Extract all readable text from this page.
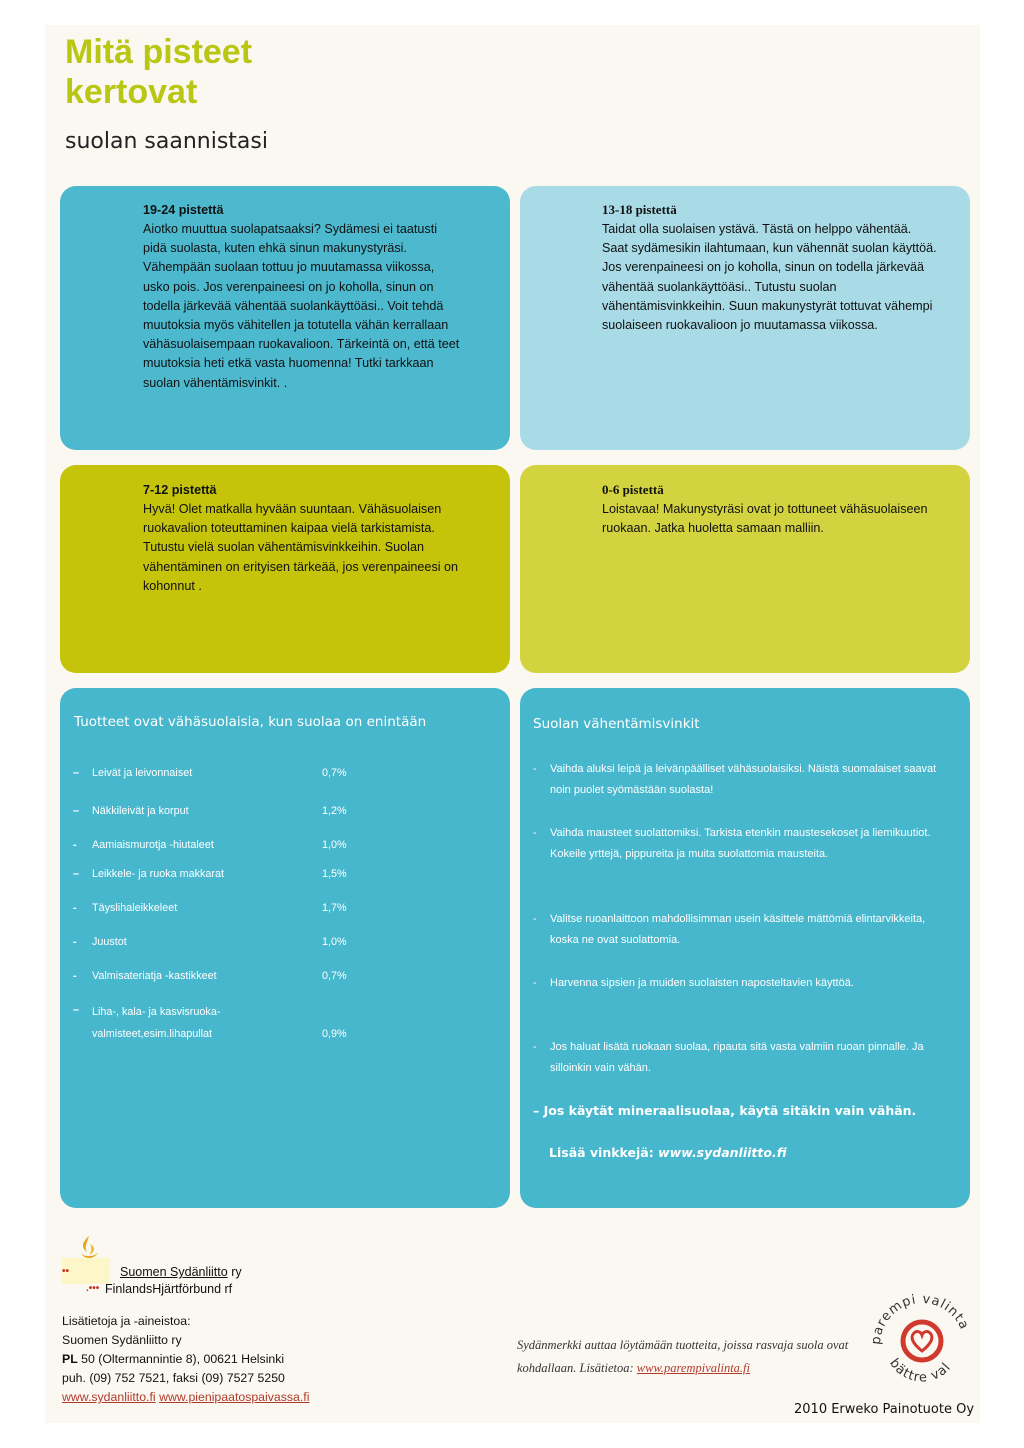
Mitä pisteet
kertovat

suolan saannistasi

19-24 pistettä

Aiotko muuttua suolapatsaaksi? Sydämesi ei taatusti pidä suolasta, kuten ehkä sinun makunystyräsi. Vähempään suolaan tottuu jo muutamassa viikossa, usko pois. Jos verenpaineesi on jo koholla, sinun on todella järkevää vähentää suolankäyttöäsi.. Voit tehdä muutoksia myös vähitellen ja totutella vähän kerrallaan vähäsuolaisempaan ruokavalioon. Tärkeintä on, että teet muutoksia heti etkä vasta huomenna! Tutki tarkkaan suolan vähentämisvinkit. .

13-18 pistettä

Taidat olla suolaisen ystävä. Tästä on helppo vähentää. Saat sydämesikin ilahtumaan, kun vähennät suolan käyttöä. Jos verenpaineesi on jo koholla, sinun on todella järkevää vähentää suolankäyttöäsi.. Tutustu suolan vähentämisvinkkeihin. Suun makunystyrät tottuvat vähempi suolaiseen ruokavalioon jo muutamassa viikossa.

7-12 pistettä

Hyvä! Olet matkalla hyvään suuntaan. Vähäsuolaisen ruokavalion toteuttaminen kaipaa vielä tarkistamista. Tutustu vielä suolan vähentämisvinkkeihin. Suolan vähentäminen on erityisen tärkeää, jos verenpaineesi on kohonnut .

0-6 pistettä

Loistavaa! Makunystyräsi ovat jo tottuneet vähäsuolaiseen ruokaan. Jatka huoletta samaan malliin.

Tuotteet ovat vähäsuolaisia, kun suolaa on enintään
– Leivät ja leivonnaiset	0,7%
– Näkkileivät ja korput	1,2%
- Aamiaismurotja -hiutaleet	1,0%
– Leikkele- ja ruoka makkarat	1,5%
- Täyslihaleikkeleet	1,7%
- Juustot	1,0%
- Valmisateriatja -kastikkeet	0,7%
– Liha-, kala- ja kasvisruoka-valmisteet,esim.lihapullat	0,9%
Suolan vähentämisvinkit
- Vaihda aluksi leipä ja leivänpäälliset vähäsuolaisiksi. Näistä suomalaiset saavat noin puolet syömästään suolasta!
- Vaihda mausteet suolattomiksi. Tarkista etenkin maustesekoset ja liemikuutiot. Kokeile yrttejä, pippureita ja muita suolattomia mausteita.
- Valitse ruoanlaittoon mahdollisimman usein käsittele mättömiä elintarvikkeita, koska ne ovat suolattomia.
- Harvenna sipsien ja muiden suolaisten naposteltavien käyttöä.
- Jos haluat lisätä ruokaan suolaa, ripauta sitä vasta valmiin ruoan pinnalle. Ja silloinkin vain vähän.

– Jos käytät mineraalisuolaa, käytä sitäkin vain vähän.

Lisää vinkkejä: www.sydanliitto.fi

••
.•••

Suomen Sydänliitto ry

FinlandsHjärtförbund rf

Lisätietoja ja -aineistoa:
Suomen Sydänliitto ry
PL 50 (Oltermannintie 8), 00621 Helsinki
puh. (09) 752 7521, faksi (09) 7527 5250
www.sydanliitto.fi www.pienipaatospaivassa.fi

Sydänmerkki auttaa löytämään tuotteita, joissa rasvaja suola ovat kohdallaan. Lisätietoa: www.parempivalinta.fi

parempi valinta
bättre val

2010 Erweko Painotuote Oy
